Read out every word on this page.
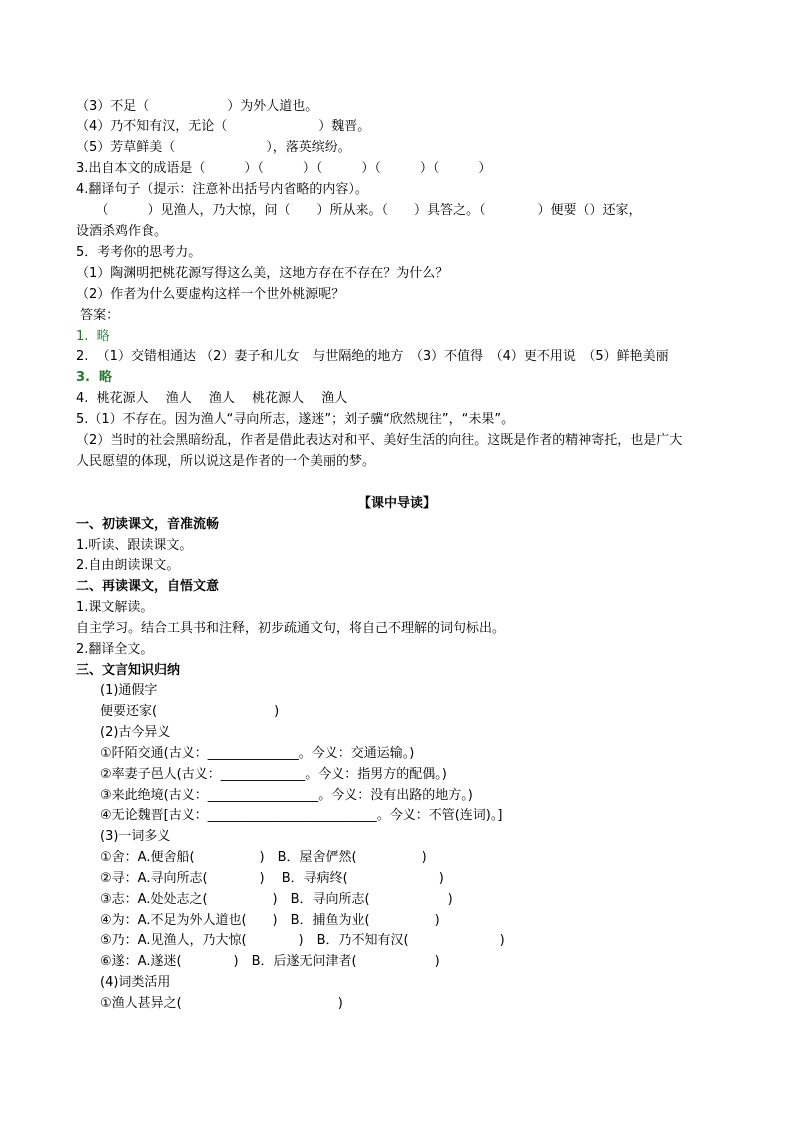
【课中导读】
（3）不足（　　　　　　）为外人道也。
（4）乃不知有汉，无论（　　　　　　　）魏晋。
（5）芳草鲜美（　　　　　　　），落英缤纷。
3.出自本文的成语是（　　　）（　　　）（　　　）（　　　）（　　　）
4.翻译句子（提示：注意补出括号内省略的内容）。
　　（　　　）见渔人，乃大惊，问（　　）所从来。（　　）具答之。（　　　　）便要（）还家，
设酒杀鸡作食。
5．考考你的思考力。
（1）陶渊明把桃花源写得这么美，这地方存在不存在？为什么？
（2）作者为什么要虚构这样一个世外桃源呢？
答案：
1.  略
2.  （1）交错相通达 （2）妻子和儿女　与世隔绝的地方　（3）不值得　（4）更不用说　（5）鲜艳美丽
3.  略
4.  桃花源人　 渔人　 渔人　 桃花源人　 渔人
5.（1）不存在。因为渔人“寻向所志，遂迷”；刘子骥“欣然规往”，“未果”。
（2）当时的社会黑暗纷乱，作者是借此表达对和平、美好生活的向往。这既是作者的精神寄托，也是广大
人民愿望的体现，所以说这是作者的一个美丽的梦。
一、初读课文，音准流畅
1.听读、跟读课文。
2.自由朗读课文。
二、再读课文，自悟文意
1.课文解读。
自主学习。结合工具书和注释，初步疏通文句，将自己不理解的词句标出。
2.翻译全文。
三、文言知识归纳
(1)通假字
便要还家(　　　　　　　　　)
(2)古今异义
①阡陌交通(古义：______________。今义：交通运输。)
②率妻子邑人(古义：_____________。今义：指男方的配偶。)
③来此绝境(古义：_________________。今义：没有出路的地方。)
④无论魏晋[古义：__________________________。今义：不管(连词)。]
(3)一词多义
①舍：A.便舍船(　　　　　)　B．屋舍俨然(　　　　　)
②寻：A.寻向所志(　　　　)　 B．寻病终(　　　　　　　)
③志：A.处处志之(　　　　　)　B．寻向所志(　　　　　　)
④为：A.不足为外人道也(　　)　B．捕鱼为业(　　　　　)
⑤乃：A.见渔人，乃大惊(　　　　)　B．乃不知有汉(　　　　　　　)
⑥遂：A.遂迷(　　　　)　B．后遂无问津者(　　　　　　)
(4)词类活用
①渔人甚异之(　　　　　　　　　　　　)
